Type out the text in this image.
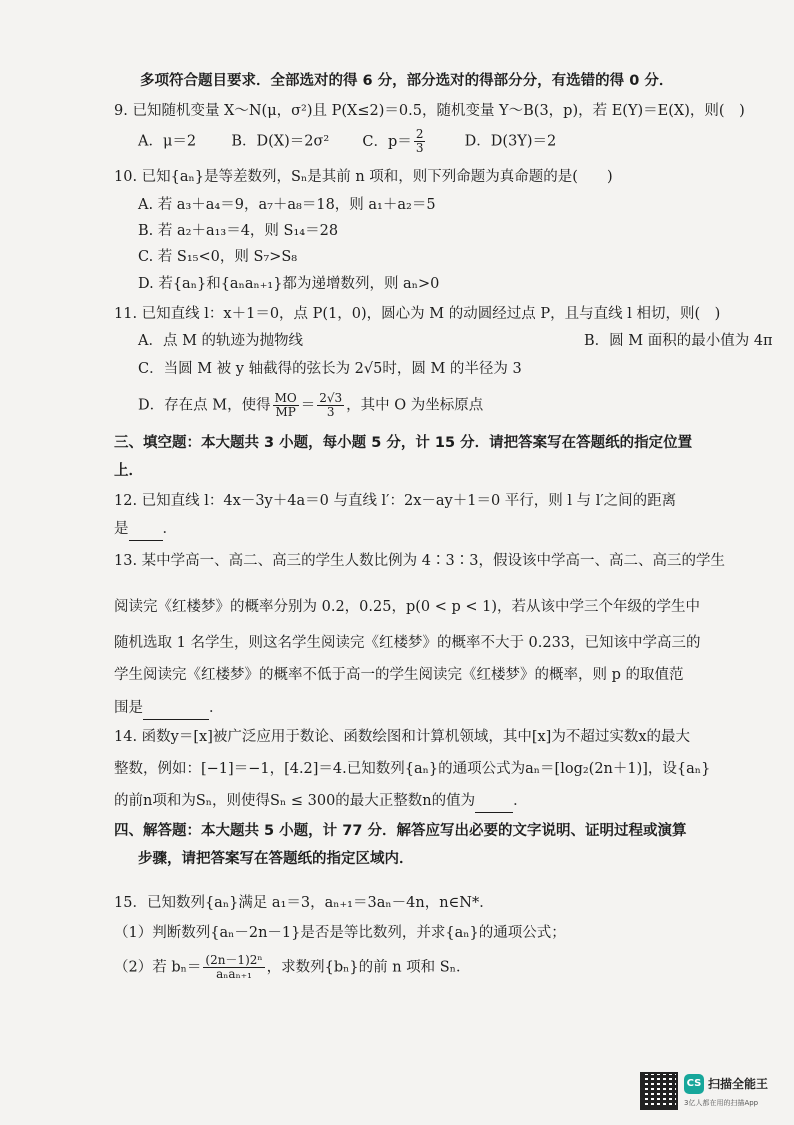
多项符合题目要求．全部选对的得 6 分，部分选对的得部分分，有选错的得 0 分．
9. 已知随机变量 X～N(μ，σ²)且 P(X≤2)＝0.5，随机变量 Y～B(3，p)，若 E(Y)＝E(X)，则(　)
A．μ＝2 B．D(X)＝2σ² C．$p= \frac{2}{3}$	D．D(3Y)＝2
10. 已知{aₙ}是等差数列，Sₙ是其前 n 项和，则下列命题为真命题的是(　　)
A. 若 a₃＋a₄＝9，a₇＋a₈＝18，则 a₁＋a₂＝5
B. 若 a₂＋a₁₃＝4，则 S₁₄＝28
C. 若 S₁₅<0，则 S₇>S₈
D. 若{aₙ}和{aₙaₙ₊₁}都为递增数列，则 aₙ>0
11. 已知直线 l：x＋1＝0，点 P(1，0)，圆心为 M 的动圆经过点 P，且与直线 l 相切，则(　)
A．点 M 的轨迹为抛物线	B．圆 M 面积的最小值为 4π
C．当圆 M 被 y 轴截得的弦长为 2√5时，圆 M 的半径为 3
D．存在点 M，使得 $\frac{MO}{MP} = \frac{2√3}{3}$ ，其中 O 为坐标原点
三、填空题：本大题共 3 小题，每小题 5 分，计 15 分．请把答案写在答题纸的指定位置
上．
12. 已知直线 l：4x－3y＋4a＝0 与直线 l′：2x－ay＋1＝0 平行，则 l 与 l′之间的距离
是 ．
13. 某中学高一、高二、高三的学生人数比例为 4∶3∶3，假设该中学高一、高二、高三的学生
阅读完《红楼梦》的概率分别为 0.2，0.25，p(0 < p < 1)，若从该中学三个年级的学生中
随机选取 1 名学生，则这名学生阅读完《红楼梦》的概率不大于 0.233，已知该中学高三的
学生阅读完《红楼梦》的概率不低于高一的学生阅读完《红楼梦》的概率，则 p 的取值范
围是	．
14. 函数y＝[x]被广泛应用于数论、函数绘图和计算机领域，其中[x]为不超过实数x的最大
整数，例如：[−1]＝−1，[4.2]＝4.已知数列{aₙ}的通项公式为aₙ＝[log₂(2n＋1)]，设{aₙ}
的前n项和为Sₙ，则使得Sₙ ≤ 300的最大正整数n的值为	．
四、解答题：本大题共 5 小题，计 77 分．解答应写出必要的文字说明、证明过程或演算
步骤，请把答案写在答题纸的指定区域内．
15．已知数列{aₙ}满足 a₁＝3，aₙ₊₁＝3aₙ－4n，n∈N*．
（1）判断数列{aₙ－2n－1}是否是等比数列，并求{aₙ}的通项公式；
（2）若 $b_n= \frac{\text{(2n－1)2ⁿ}}{\text{aₙaₙ₊₁}}$ ，求数列{bₙ}的前 n 项和 Sₙ．
CS 扫描全能王
3亿人都在用的扫描App
